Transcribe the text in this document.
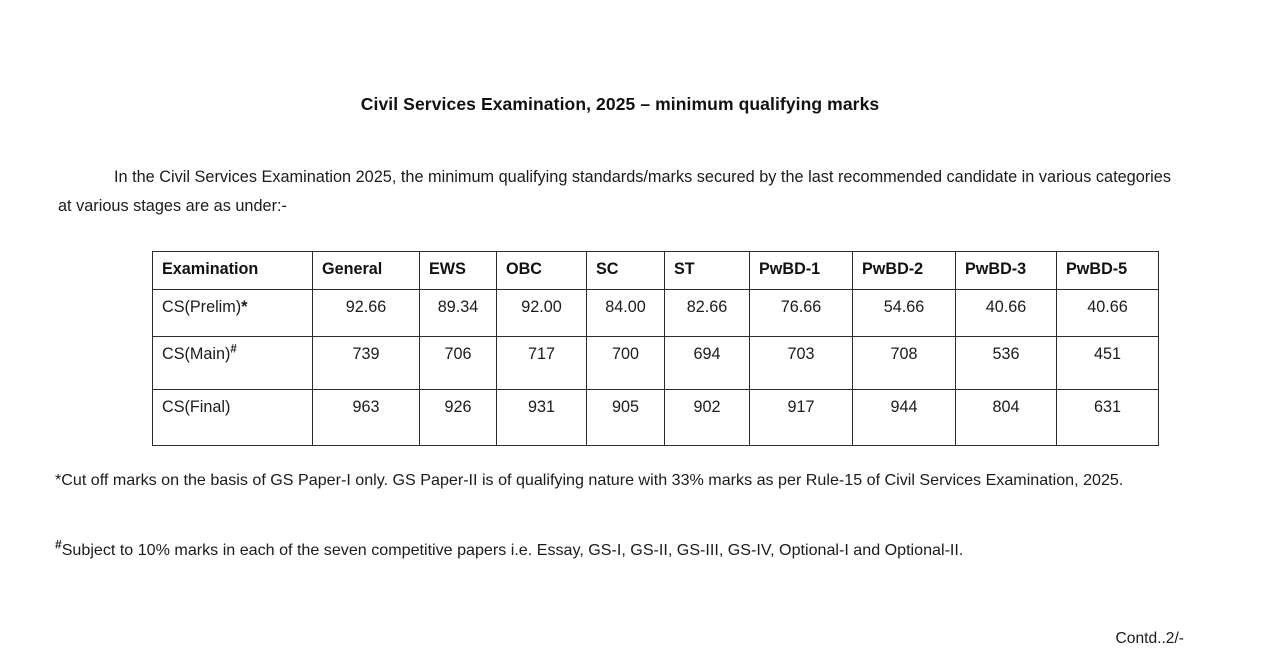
Civil Services Examination, 2025 – minimum qualifying marks
In the Civil Services Examination 2025, the minimum qualifying standards/marks secured by the last recommended candidate in various categories at various stages are as under:-
Examination	General	EWS	OBC	SC	ST	PwBD-1	PwBD-2	PwBD-3	PwBD-5
CS(Prelim)*	92.66	89.34	92.00	84.00	82.66	76.66	54.66	40.66	40.66
CS(Main)#	739	706	717	700	694	703	708	536	451
CS(Final)	963	926	931	905	902	917	944	804	631
*Cut off marks on the basis of GS Paper-I only. GS Paper-II is of qualifying nature with 33% marks as per Rule-15 of Civil Services Examination, 2025.
#Subject to 10% marks in each of the seven competitive papers i.e. Essay, GS-I, GS-II, GS-III, GS-IV, Optional-I and Optional-II.
Contd..2/-
